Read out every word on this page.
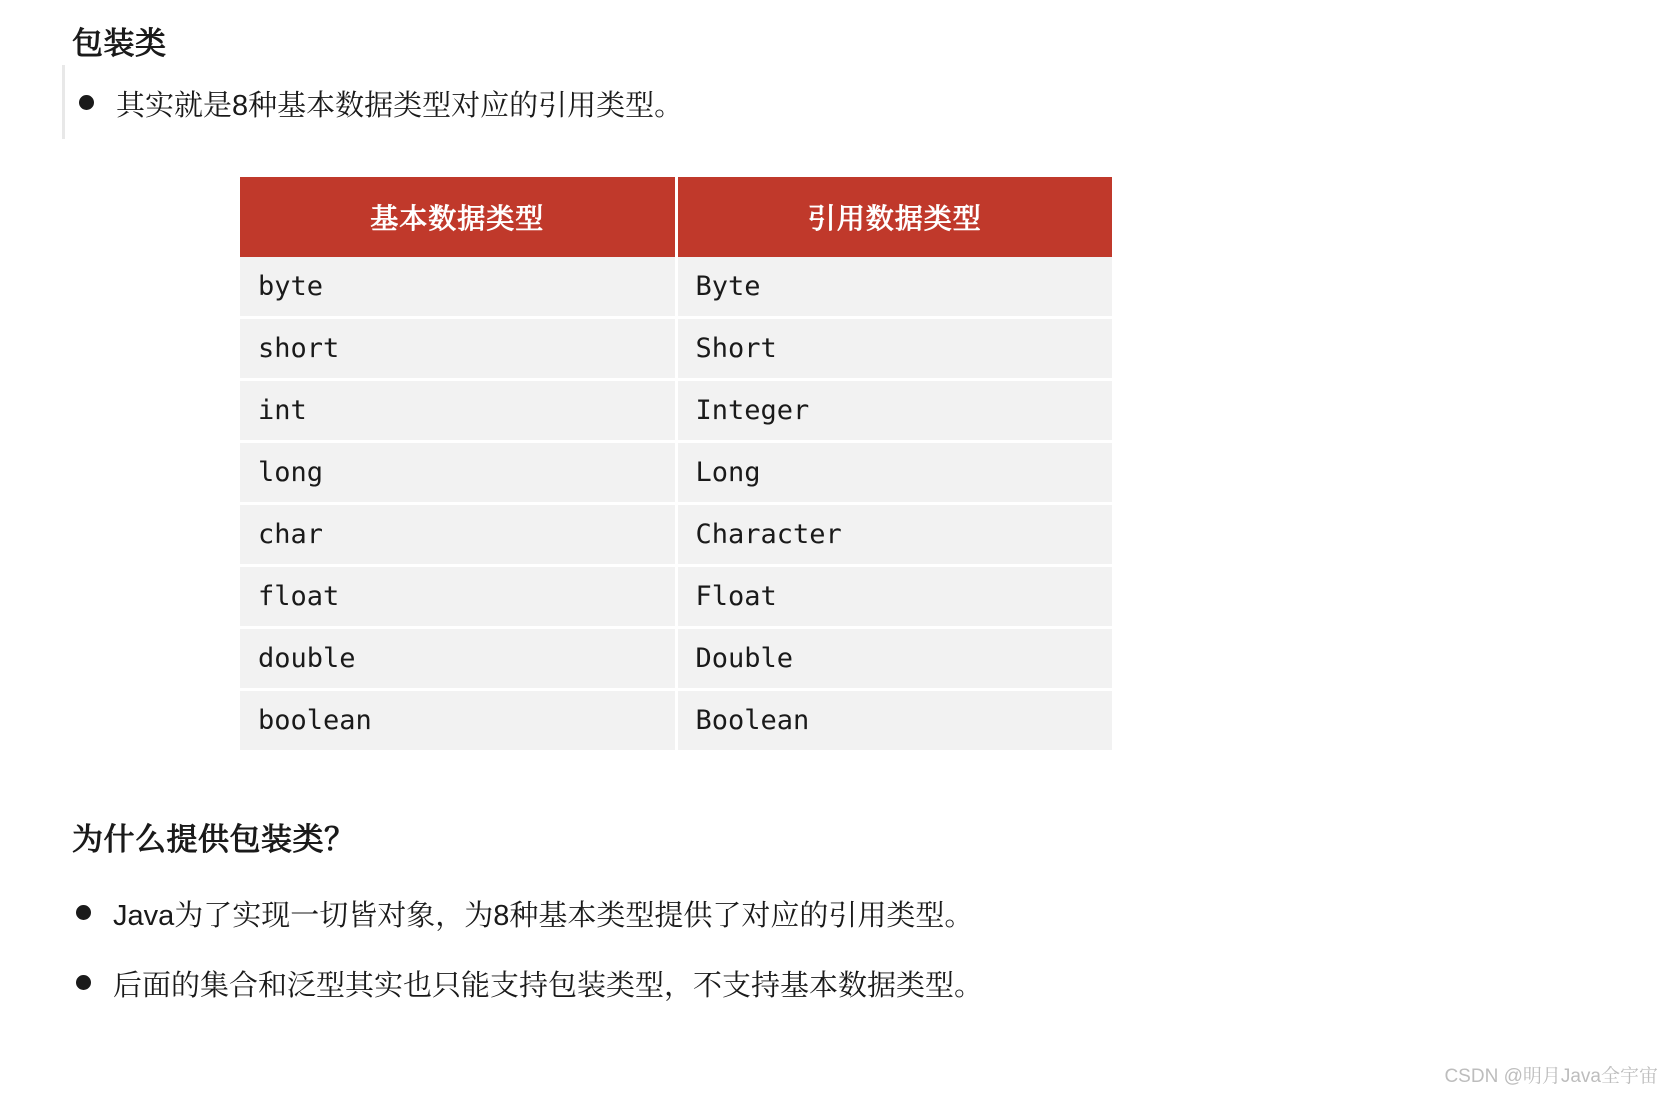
包装类
其实就是8种基本数据类型对应的引用类型。
基本数据类型	引用数据类型
byte	Byte
short	Short
int	Integer
long	Long
char	Character
float	Float
double	Double
boolean	Boolean
为什么提供包装类？
Java为了实现一切皆对象，为8种基本类型提供了对应的引用类型。
后面的集合和泛型其实也只能支持包装类型，不支持基本数据类型。
CSDN @明月Java全宇宙
